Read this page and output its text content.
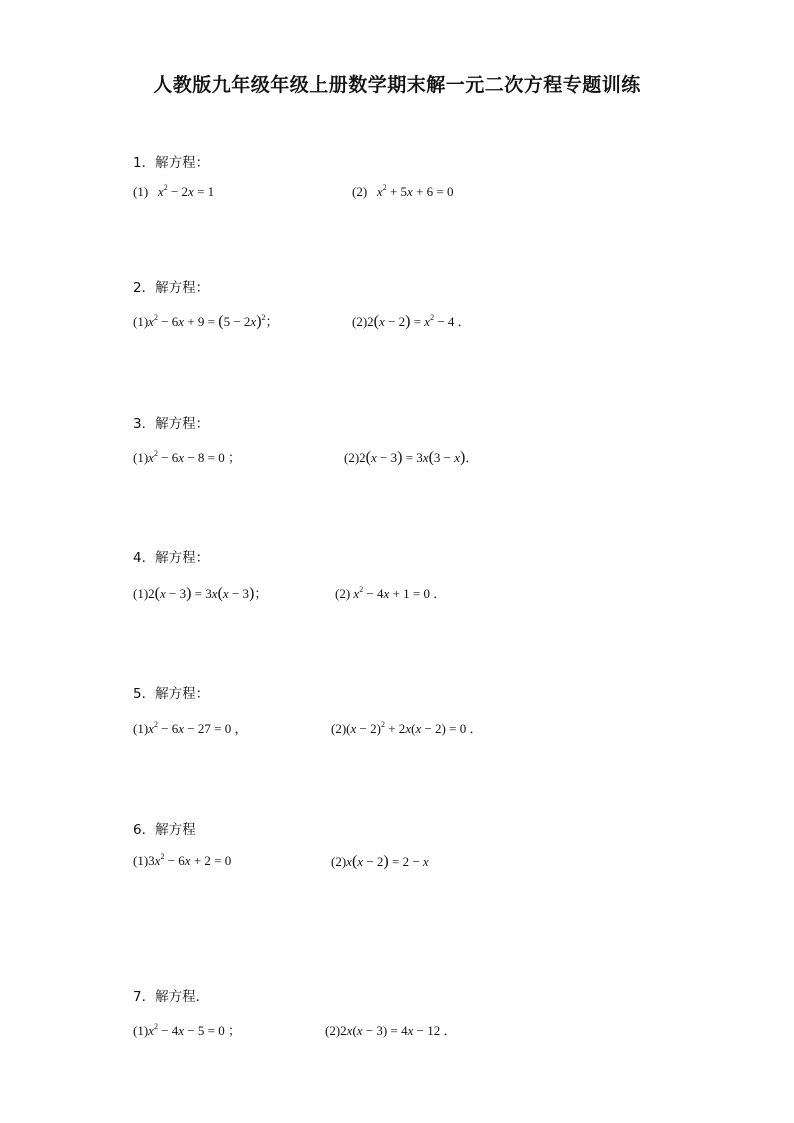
人教版九年级年级上册数学期末解一元二次方程专题训练
1．解方程：
(1) $x^2 - 2x = 1$	(2) $x^2 + 5x + 6 = 0$
2．解方程：
$(1)x^2 - 6x + 9 = (5 - 2x)^2$；	$(2)2(x - 2) = x^2 - 4$ ．
3．解方程：
$(1)x^2 - 6x - 8 = 0$ ；	(2)2(x − 3) = 3x(3 − x)．
4．解方程：
(1)2(x − 3) = 3x(x − 3)；	(2) $x^2 - 4x + 1 = 0$ ．
5．解方程：
$(1)x^2 - 6x - 27 = 0$ ，	$(2)(x - 2)^2 + 2x(x - 2) = 0$ ．
6．解方程
$(1)3x^2 - 6x + 2 = 0$	(2)x(x − 2) = 2 − x
7．解方程．
$(1)x^2 - 4x - 5 = 0$ ；	(2)2x(x − 3) = 4x − 12 ．
